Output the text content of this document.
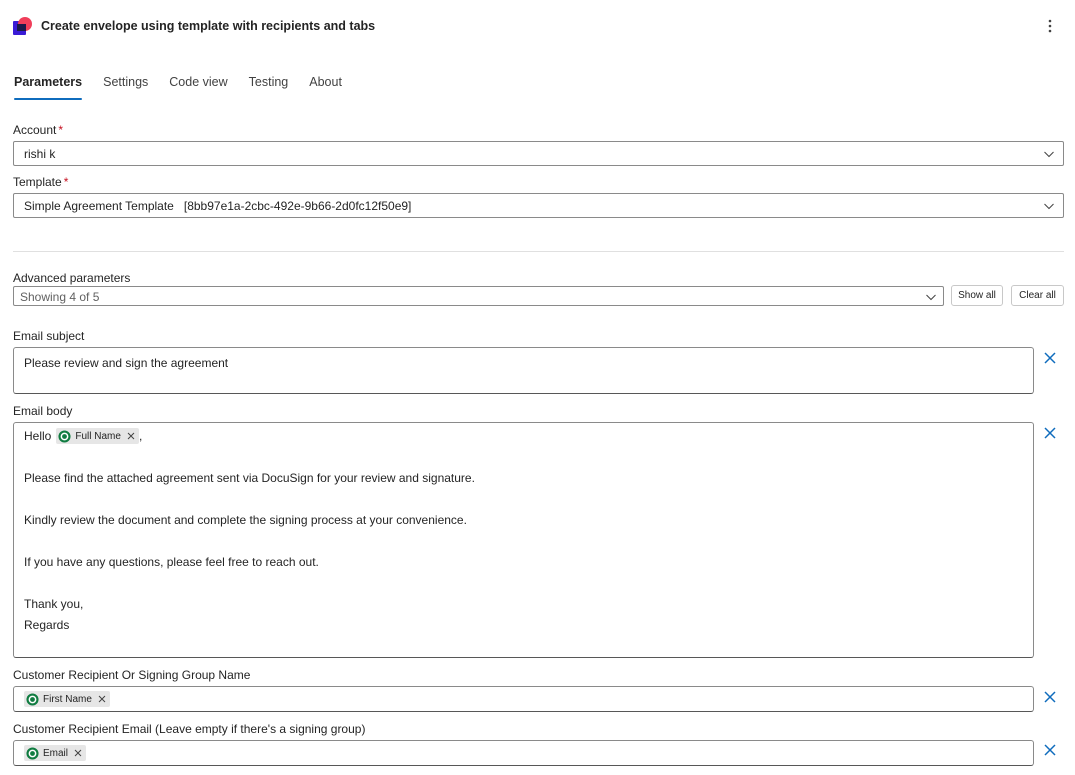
Create envelope using template with recipients and tabs
Parameters Settings Code view Testing About
Account *
rishi k
Template *
Simple Agreement Template   [8bb97e1a-2cbc-492e-9b66-2d0fc12f50e9]
Advanced parameters
Showing 4 of 5	Show all	Clear all
Email subject
Please review and sign the agreement
Email body
Hello Full Name ,
Please find the attached agreement sent via DocuSign for your review and signature.
Kindly review the document and complete the signing process at your convenience.
If you have any questions, please feel free to reach out.
Thank you,
Regards
Customer Recipient Or Signing Group Name
First Name
Customer Recipient Email (Leave empty if there's a signing group)
Email
